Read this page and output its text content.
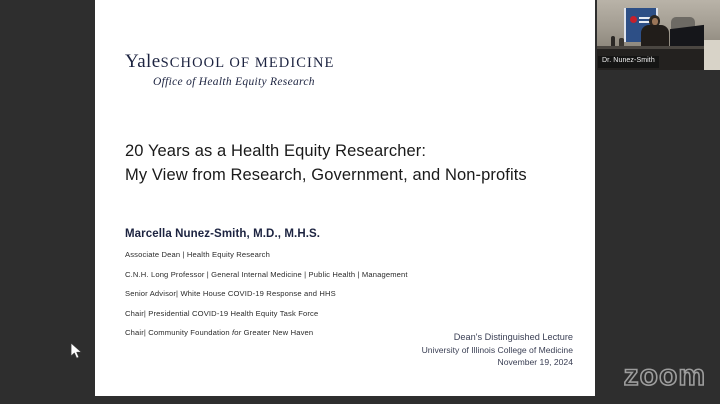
YaleSCHOOL OF MEDICINE
Office of Health Equity Research
20 Years as a Health Equity Researcher:
My View from Research, Government, and Non-profits
Marcella Nunez-Smith, M.D., M.H.S.
Associate Dean | Health Equity Research
C.N.H. Long Professor | General Internal Medicine | Public Health | Management
Senior Advisor| White House COVID-19 Response and HHS
Chair| Presidential COVID-19 Health Equity Task Force
Chair| Community Foundation for Greater New Haven	Dean's Distinguished Lecture
University of Illinois College of Medicine
November 19, 2024
Dr. Nunez-Smith
zoom
